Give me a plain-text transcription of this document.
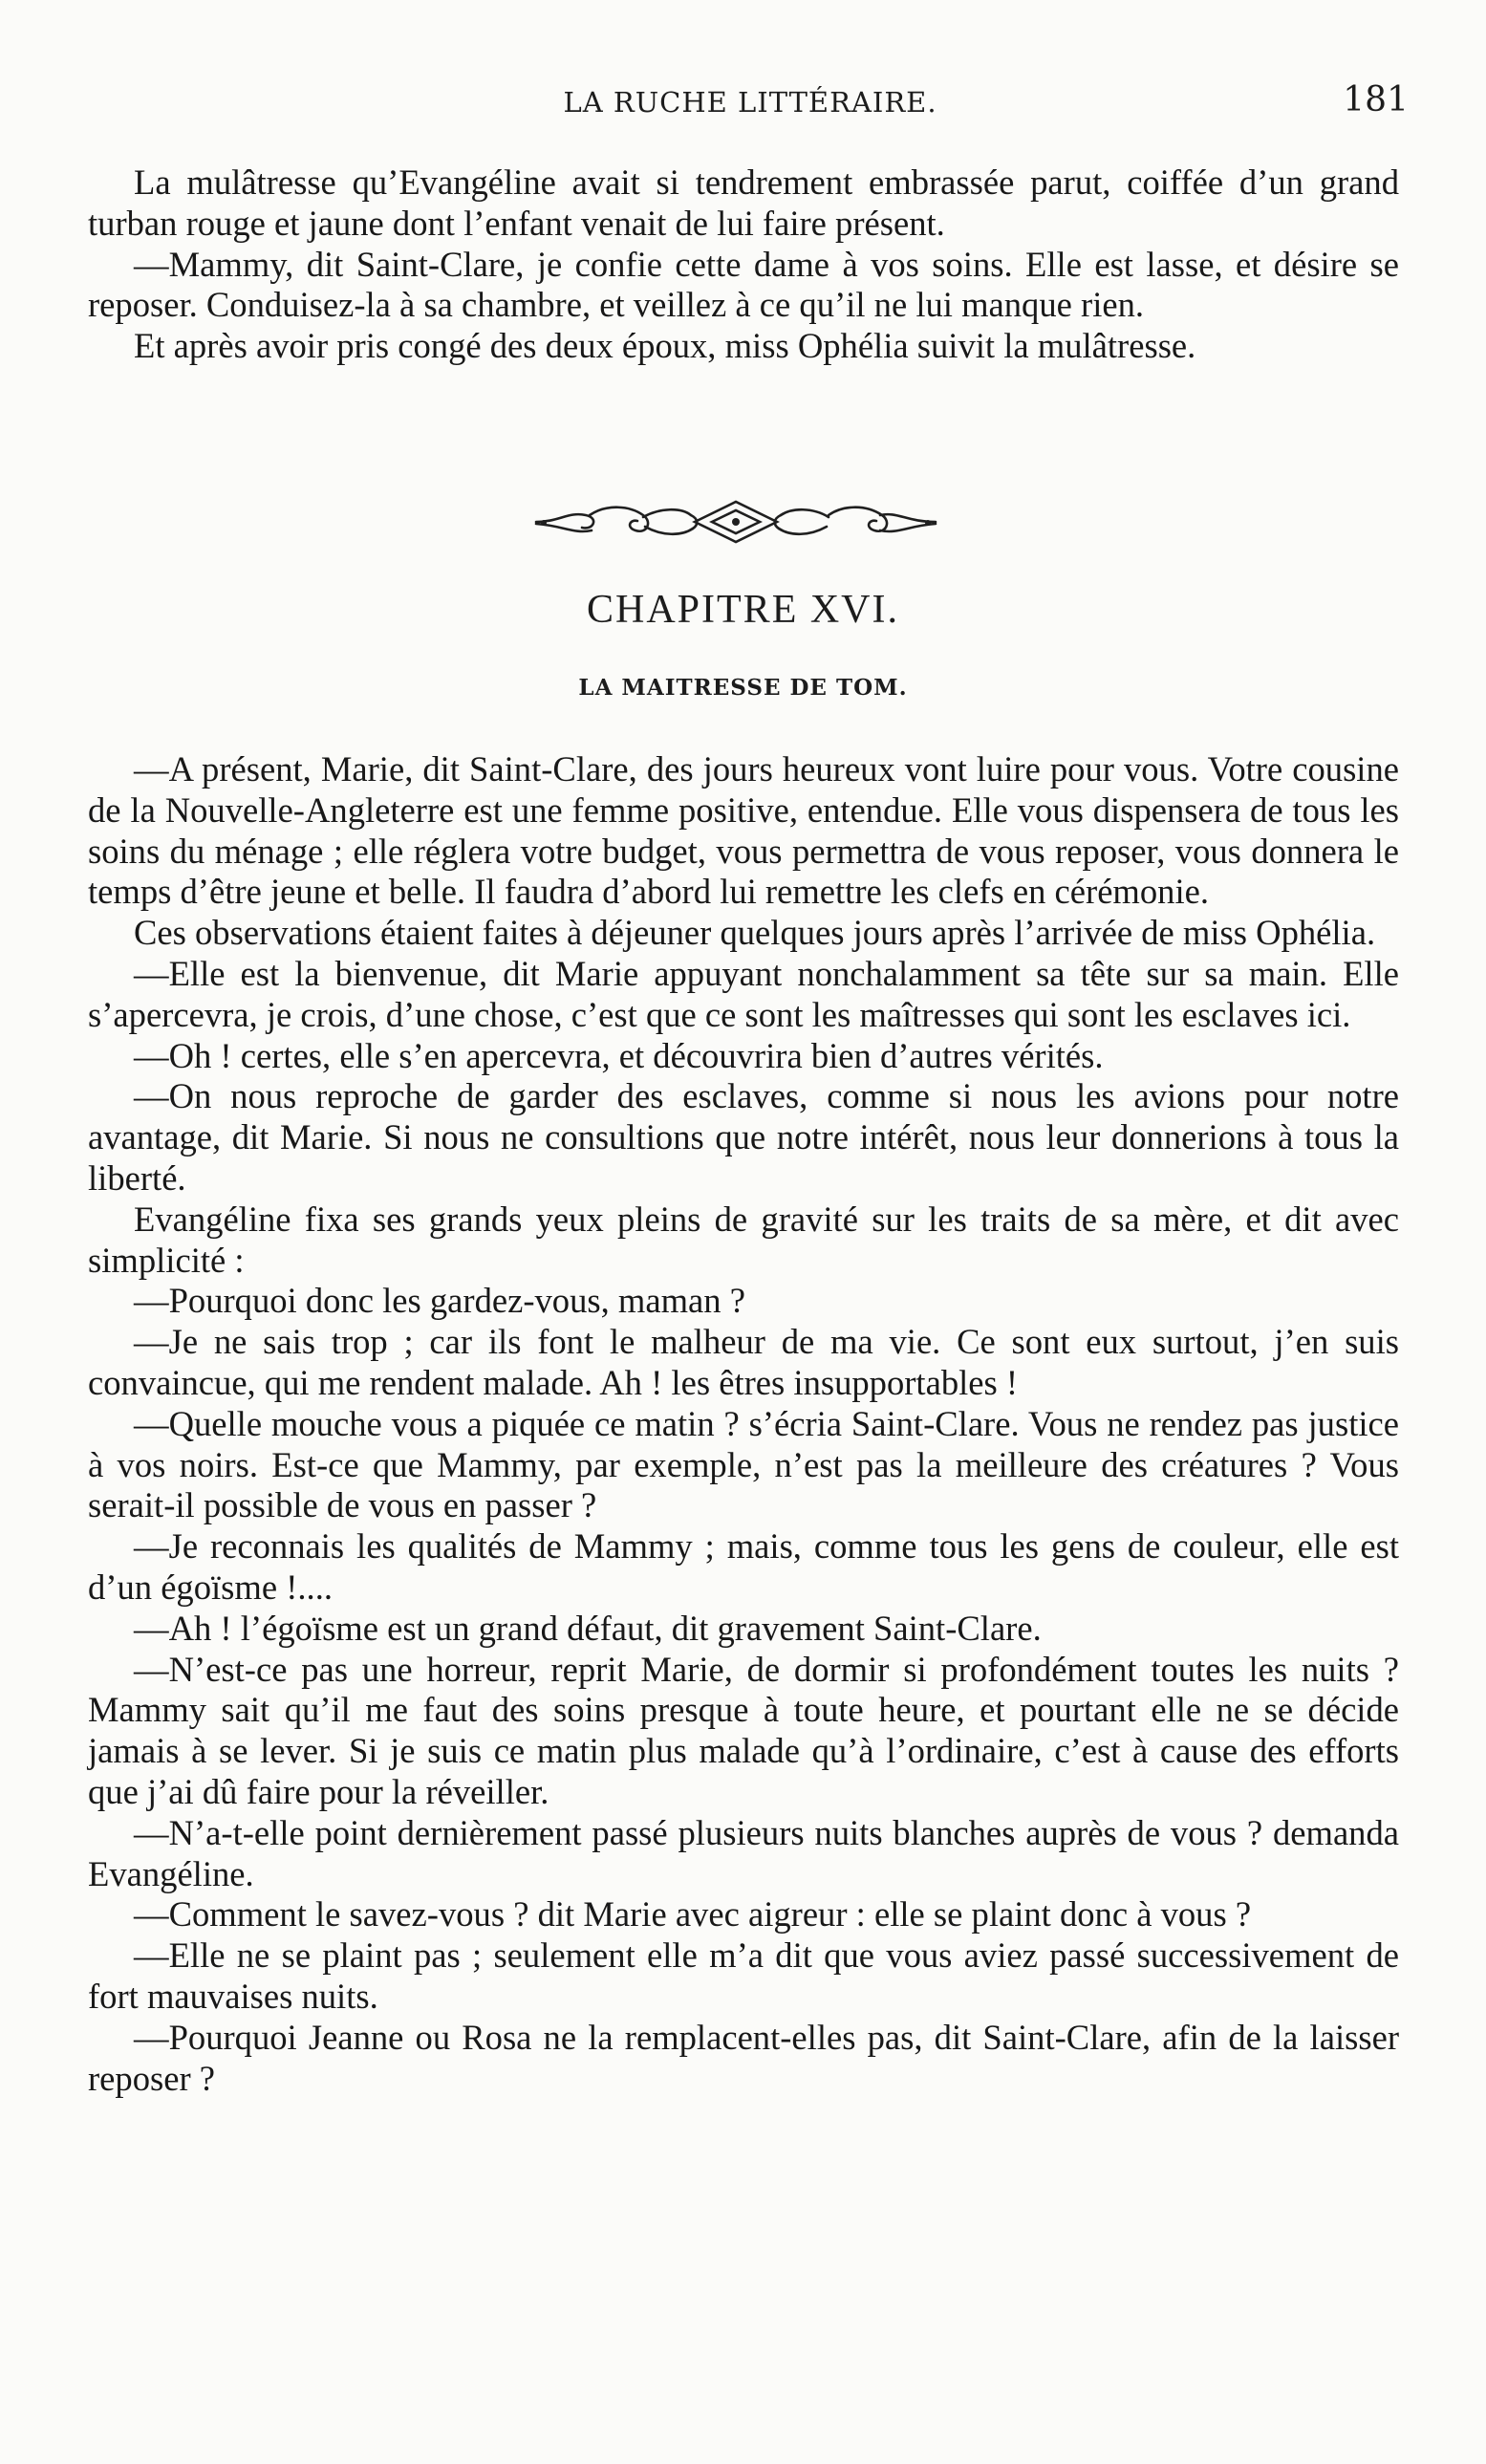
LA RUCHE LITTÉRAIRE.	181

La mulâtresse qu’Evangéline avait si tendrement embrassée parut, coiffée d’un grand turban rouge et jaune dont l’enfant venait de lui faire présent.

—Mammy, dit Saint-Clare, je confie cette dame à vos soins. Elle est lasse, et désire se reposer. Conduisez-la à sa chambre, et veillez à ce qu’il ne lui manque rien.

Et après avoir pris congé des deux époux, miss Ophélia suivit la mulâtresse.

CHAPITRE XVI.
LA MAITRESSE DE TOM.

—A présent, Marie, dit Saint-Clare, des jours heureux vont luire pour vous. Votre cousine de la Nouvelle-Angleterre est une femme positive, entendue. Elle vous dispensera de tous les soins du ménage ; elle réglera votre budget, vous permettra de vous reposer, vous donnera le temps d’être jeune et belle. Il faudra d’abord lui remettre les clefs en cérémonie.

Ces observations étaient faites à déjeuner quelques jours après l’arrivée de miss Ophélia.

—Elle est la bienvenue, dit Marie appuyant nonchalamment sa tête sur sa main. Elle s’apercevra, je crois, d’une chose, c’est que ce sont les maîtresses qui sont les esclaves ici.

—Oh ! certes, elle s’en apercevra, et découvrira bien d’autres vérités.

—On nous reproche de garder des esclaves, comme si nous les avions pour notre avantage, dit Marie. Si nous ne consultions que notre intérêt, nous leur donnerions à tous la liberté.

Evangéline fixa ses grands yeux pleins de gravité sur les traits de sa mère, et dit avec simplicité :

—Pourquoi donc les gardez-vous, maman ?

—Je ne sais trop ; car ils font le malheur de ma vie. Ce sont eux surtout, j’en suis convaincue, qui me rendent malade. Ah ! les êtres insupportables !

—Quelle mouche vous a piquée ce matin ? s’écria Saint-Clare. Vous ne rendez pas justice à vos noirs. Est-ce que Mammy, par exemple, n’est pas la meilleure des créatures ? Vous serait-il possible de vous en passer ?

—Je reconnais les qualités de Mammy ; mais, comme tous les gens de couleur, elle est d’un égoïsme !....

—Ah ! l’égoïsme est un grand défaut, dit gravement Saint-Clare.

—N’est-ce pas une horreur, reprit Marie, de dormir si profondément toutes les nuits ? Mammy sait qu’il me faut des soins presque à toute heure, et pourtant elle ne se décide jamais à se lever. Si je suis ce matin plus malade qu’à l’ordinaire, c’est à cause des efforts que j’ai dû faire pour la réveiller.

—N’a-t-elle point dernièrement passé plusieurs nuits blanches auprès de vous ? demanda Evangéline.

—Comment le savez-vous ? dit Marie avec aigreur : elle se plaint donc à vous ?

—Elle ne se plaint pas ; seulement elle m’a dit que vous aviez passé successivement de fort mauvaises nuits.

—Pourquoi Jeanne ou Rosa ne la remplacent-elles pas, dit Saint-Clare, afin de la laisser reposer ?
